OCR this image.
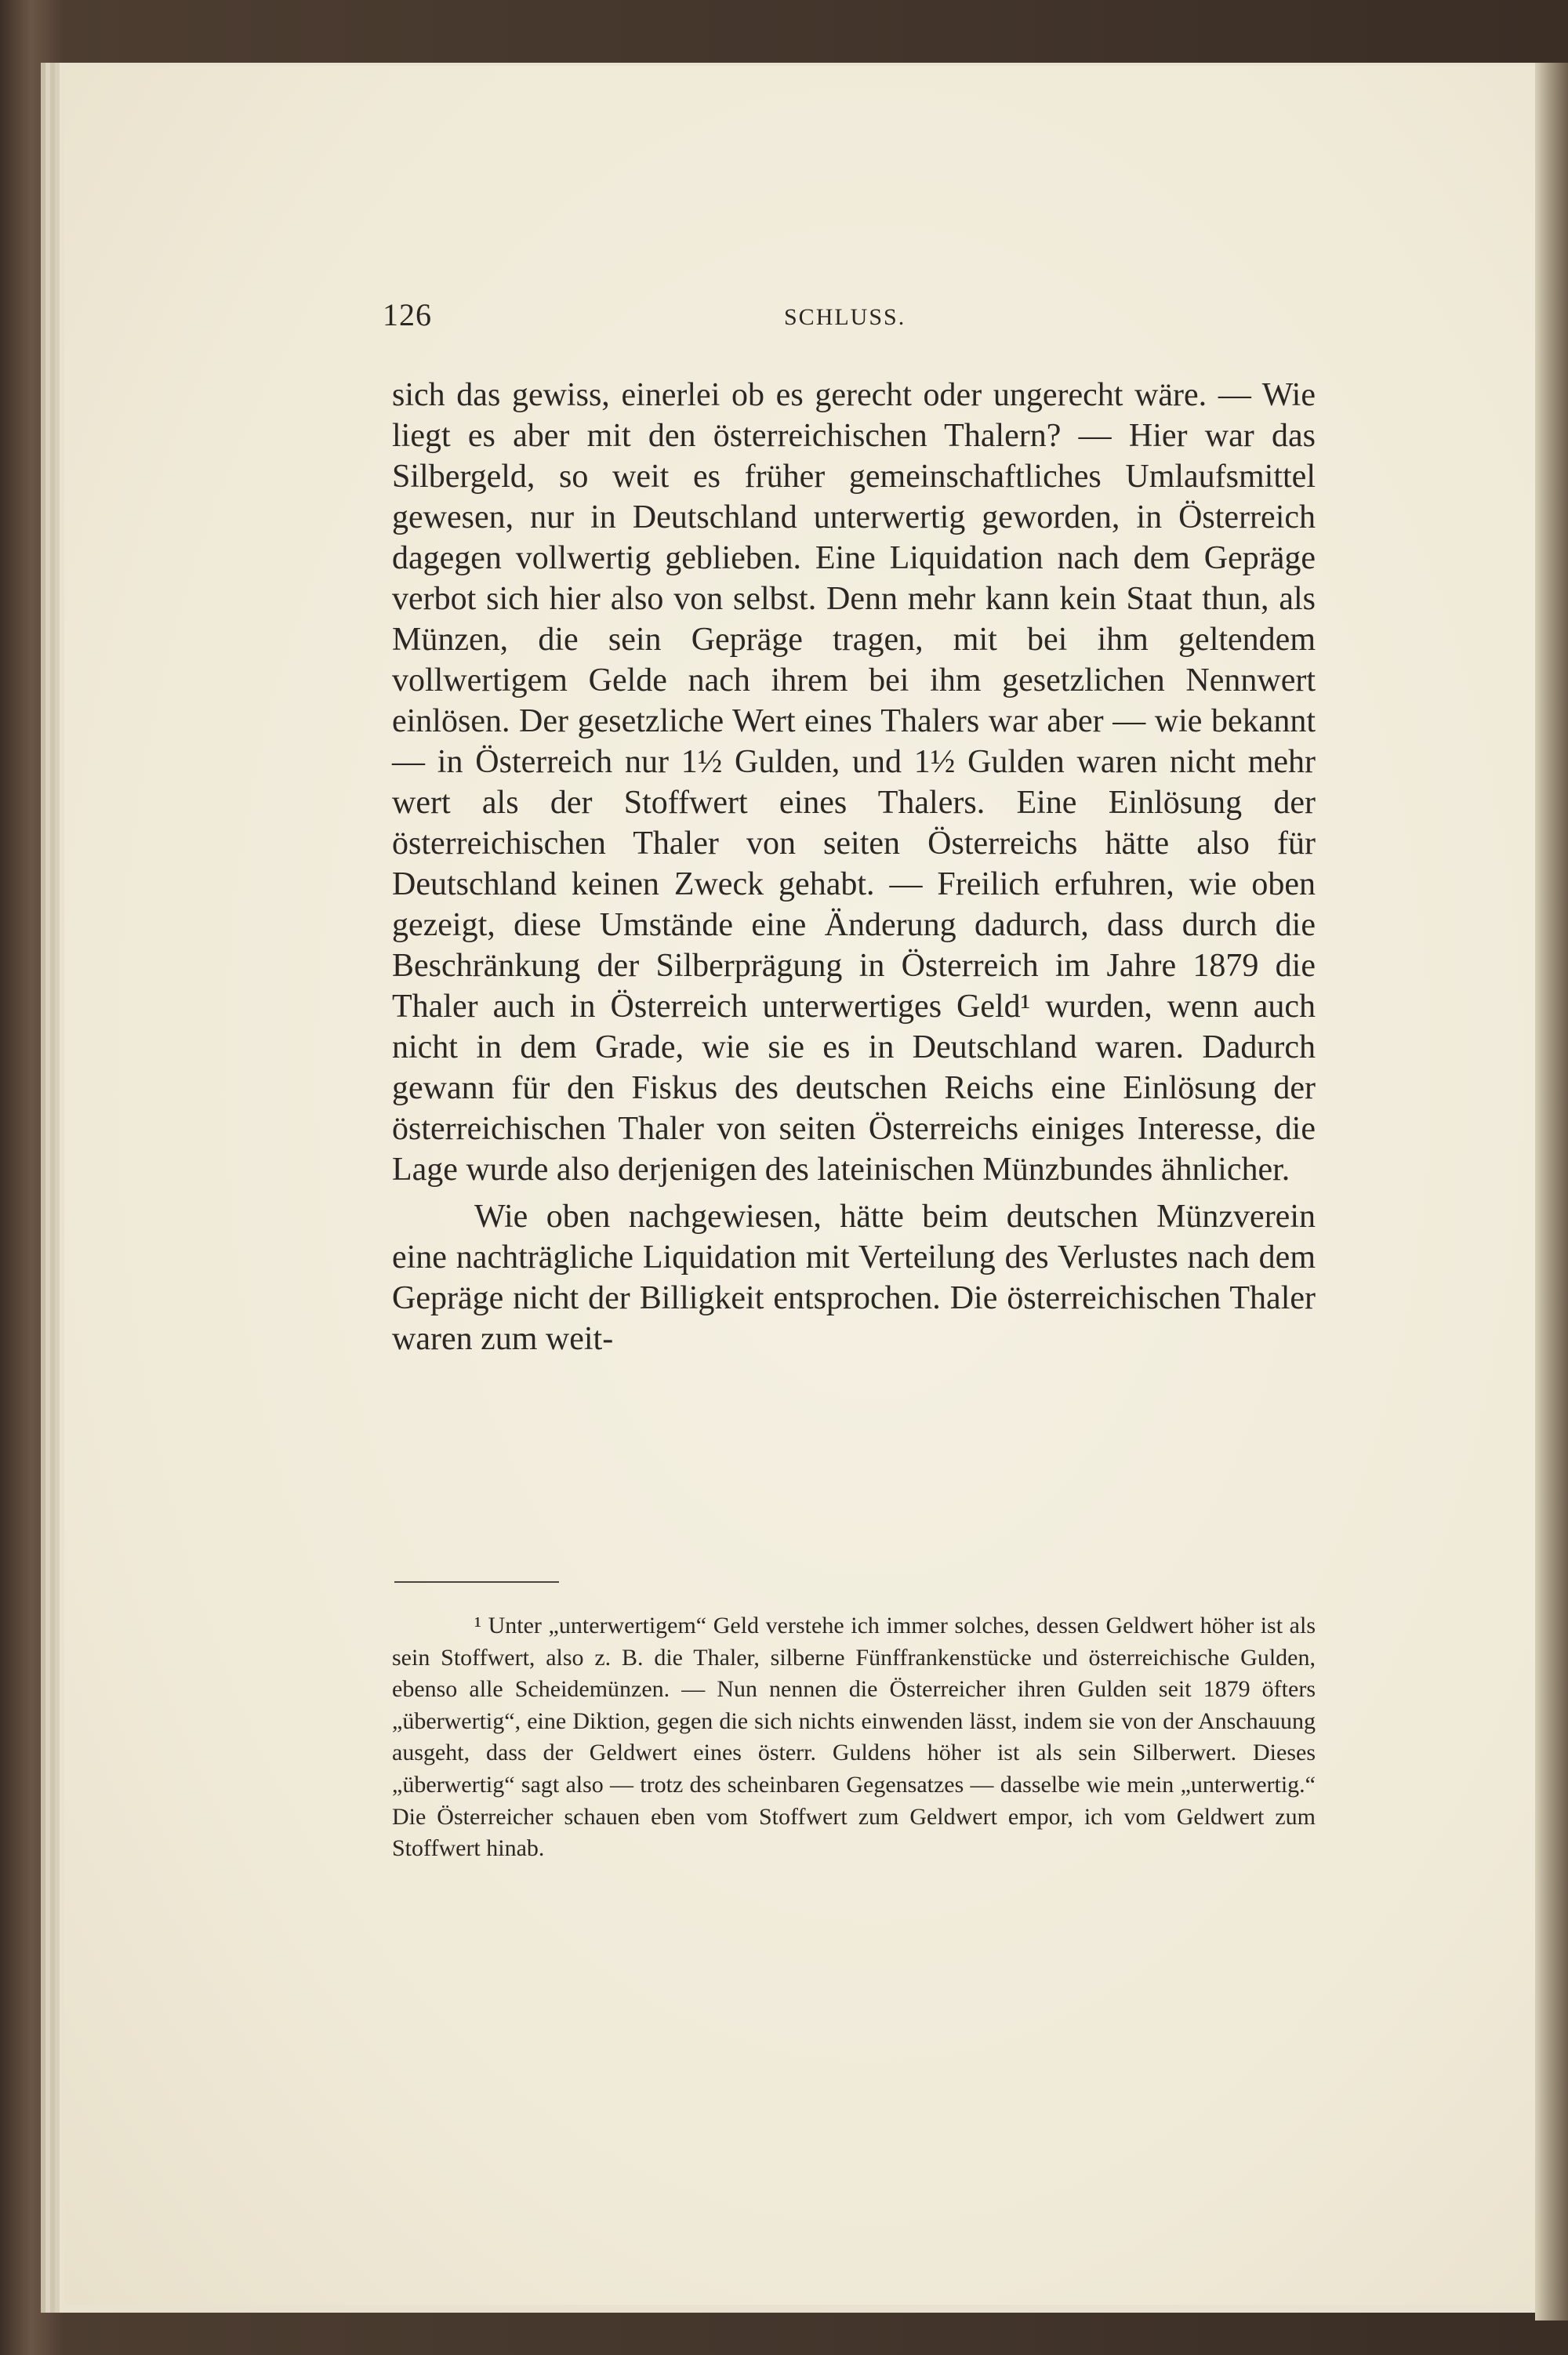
126	SCHLUSS.

sich das gewiss, einerlei ob es gerecht oder ungerecht wäre. — Wie liegt es aber mit den österreichischen Thalern? — Hier war das Silbergeld, so weit es früher gemeinschaftliches Umlaufsmittel gewesen, nur in Deutschland unterwertig geworden, in Österreich dagegen vollwertig geblieben. Eine Liquidation nach dem Gepräge verbot sich hier also von selbst. Denn mehr kann kein Staat thun, als Münzen, die sein Gepräge tragen, mit bei ihm geltendem vollwertigem Gelde nach ihrem bei ihm gesetzlichen Nennwert einlösen. Der gesetzliche Wert eines Thalers war aber — wie bekannt — in Österreich nur 1½ Gulden, und 1½ Gulden waren nicht mehr wert als der Stoffwert eines Thalers. Eine Einlösung der österreichischen Thaler von seiten Österreichs hätte also für Deutschland keinen Zweck gehabt. — Freilich erfuhren, wie oben gezeigt, diese Umstände eine Änderung dadurch, dass durch die Beschränkung der Silberprägung in Österreich im Jahre 1879 die Thaler auch in Österreich unterwertiges Geld¹ wurden, wenn auch nicht in dem Grade, wie sie es in Deutschland waren. Dadurch gewann für den Fiskus des deutschen Reichs eine Einlösung der österreichischen Thaler von seiten Österreichs einiges Interesse, die Lage wurde also derjenigen des lateinischen Münzbundes ähnlicher.

Wie oben nachgewiesen, hätte beim deutschen Münzverein eine nachträgliche Liquidation mit Verteilung des Verlustes nach dem Gepräge nicht der Billigkeit entsprochen. Die österreichischen Thaler waren zum weit-

¹ Unter „unterwertigem“ Geld verstehe ich immer solches, dessen Geldwert höher ist als sein Stoffwert, also z. B. die Thaler, silberne Fünffrankenstücke und österreichische Gulden, ebenso alle Scheidemünzen. — Nun nennen die Österreicher ihren Gulden seit 1879 öfters „überwertig“, eine Diktion, gegen die sich nichts einwenden lässt, indem sie von der Anschauung ausgeht, dass der Geldwert eines österr. Guldens höher ist als sein Silberwert. Dieses „überwertig“ sagt also — trotz des scheinbaren Gegensatzes — dasselbe wie mein „unterwertig.“ Die Österreicher schauen eben vom Stoffwert zum Geldwert empor, ich vom Geldwert zum Stoffwert hinab.
